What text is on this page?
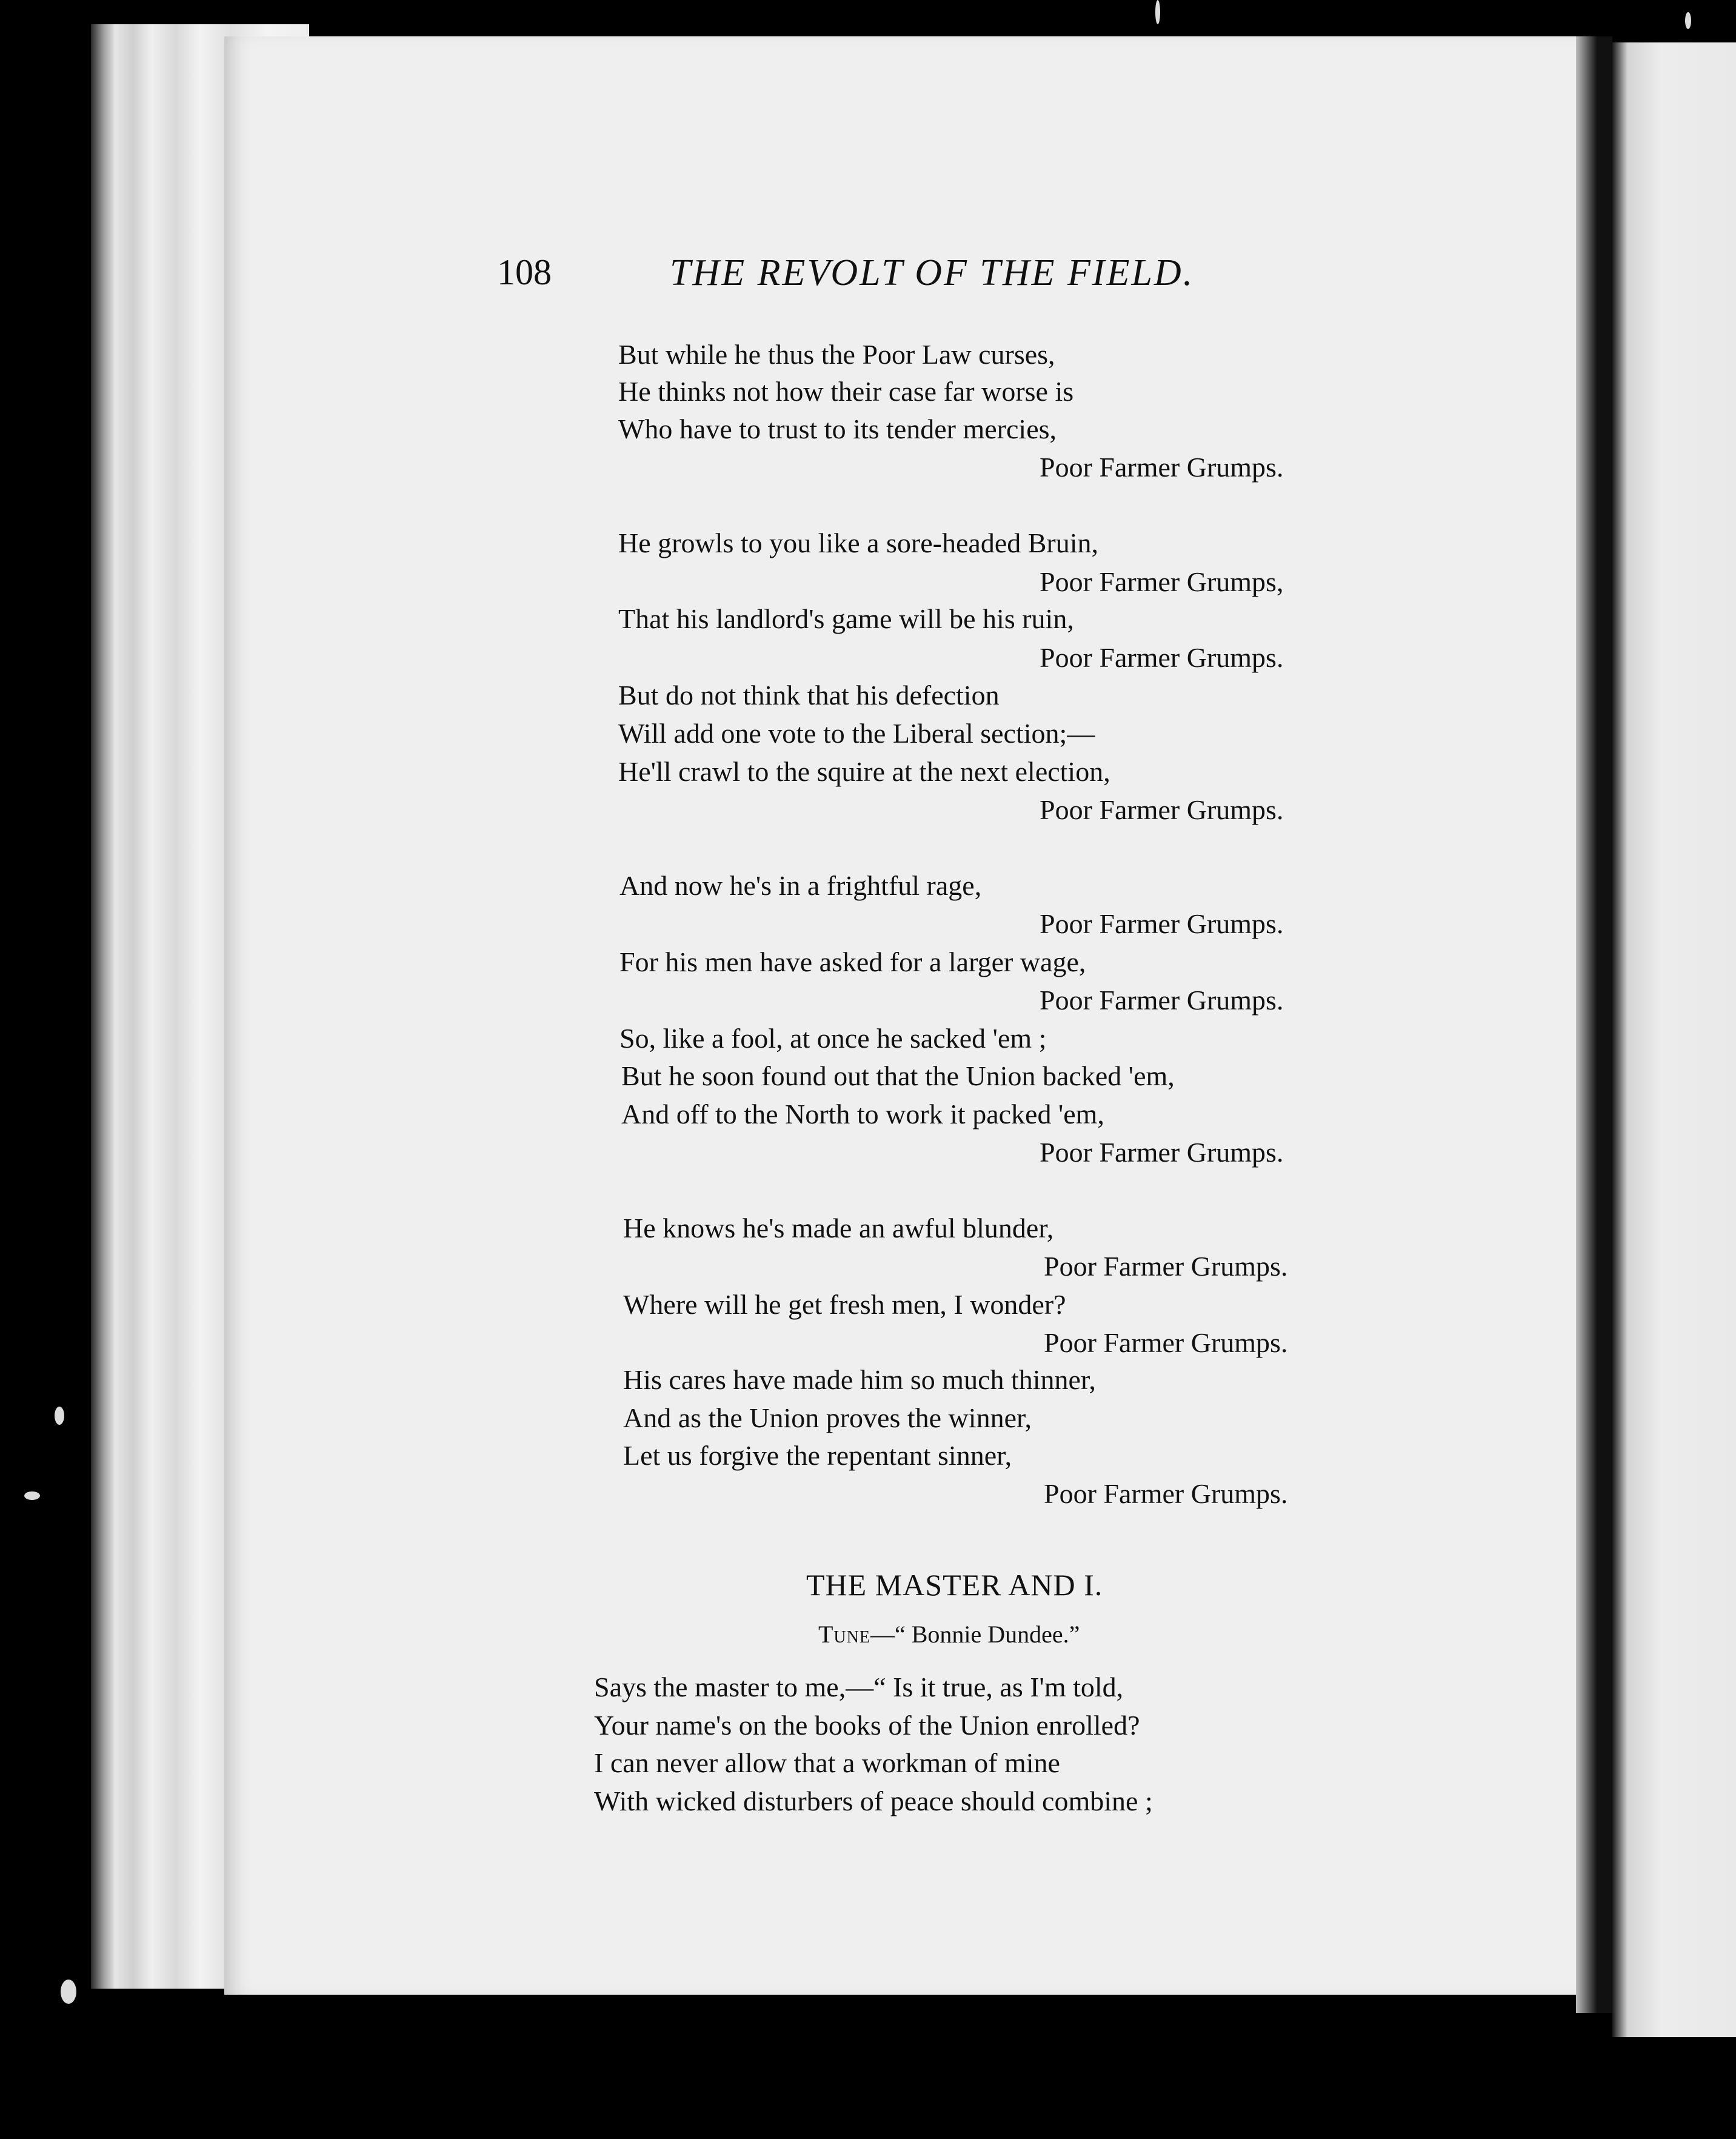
108	THE REVOLT OF THE FIELD.
But while he thus the Poor Law curses,
He thinks not how their case far worse is
Who have to trust to its tender mercies,
Poor Farmer Grumps.
He growls to you like a sore-headed Bruin,
Poor Farmer Grumps,
That his landlord's game will be his ruin,
Poor Farmer Grumps.
But do not think that his defection
Will add one vote to the Liberal section;—
He'll crawl to the squire at the next election,
Poor Farmer Grumps.
And now he's in a frightful rage,
Poor Farmer Grumps.
For his men have asked for a larger wage,
Poor Farmer Grumps.
So, like a fool, at once he sacked 'em ;
But he soon found out that the Union backed 'em,
And off to the North to work it packed 'em,
Poor Farmer Grumps.
He knows he's made an awful blunder,
Poor Farmer Grumps.
Where will he get fresh men, I wonder?
Poor Farmer Grumps.
His cares have made him so much thinner,
And as the Union proves the winner,
Let us forgive the repentant sinner,
Poor Farmer Grumps.
THE MASTER AND I.
Tune—“ Bonnie Dundee.”
Says the master to me,—“ Is it true, as I'm told,
Your name's on the books of the Union enrolled?
I can never allow that a workman of mine
With wicked disturbers of peace should combine ;
